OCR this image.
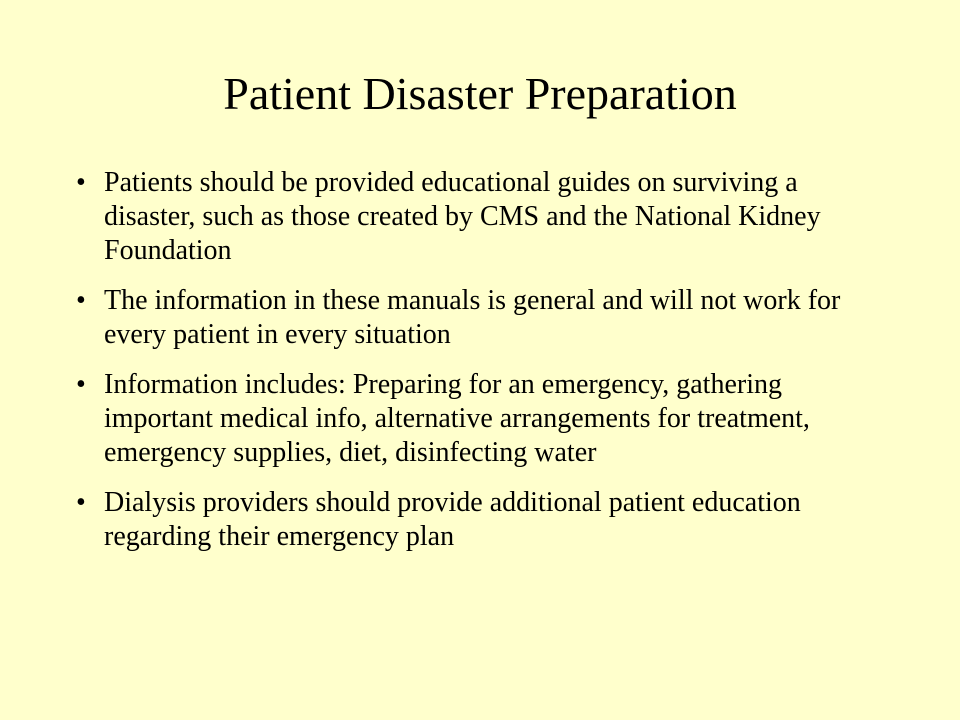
Patient Disaster Preparation
• Patients should be provided educational guides on surviving a disaster, such as those created by CMS and the National Kidney Foundation
• The information in these manuals is general and will not work for every patient in every situation
• Information includes: Preparing for an emergency, gathering important medical info, alternative arrangements for treatment, emergency supplies, diet, disinfecting water
• Dialysis providers should provide additional patient education regarding their emergency plan
